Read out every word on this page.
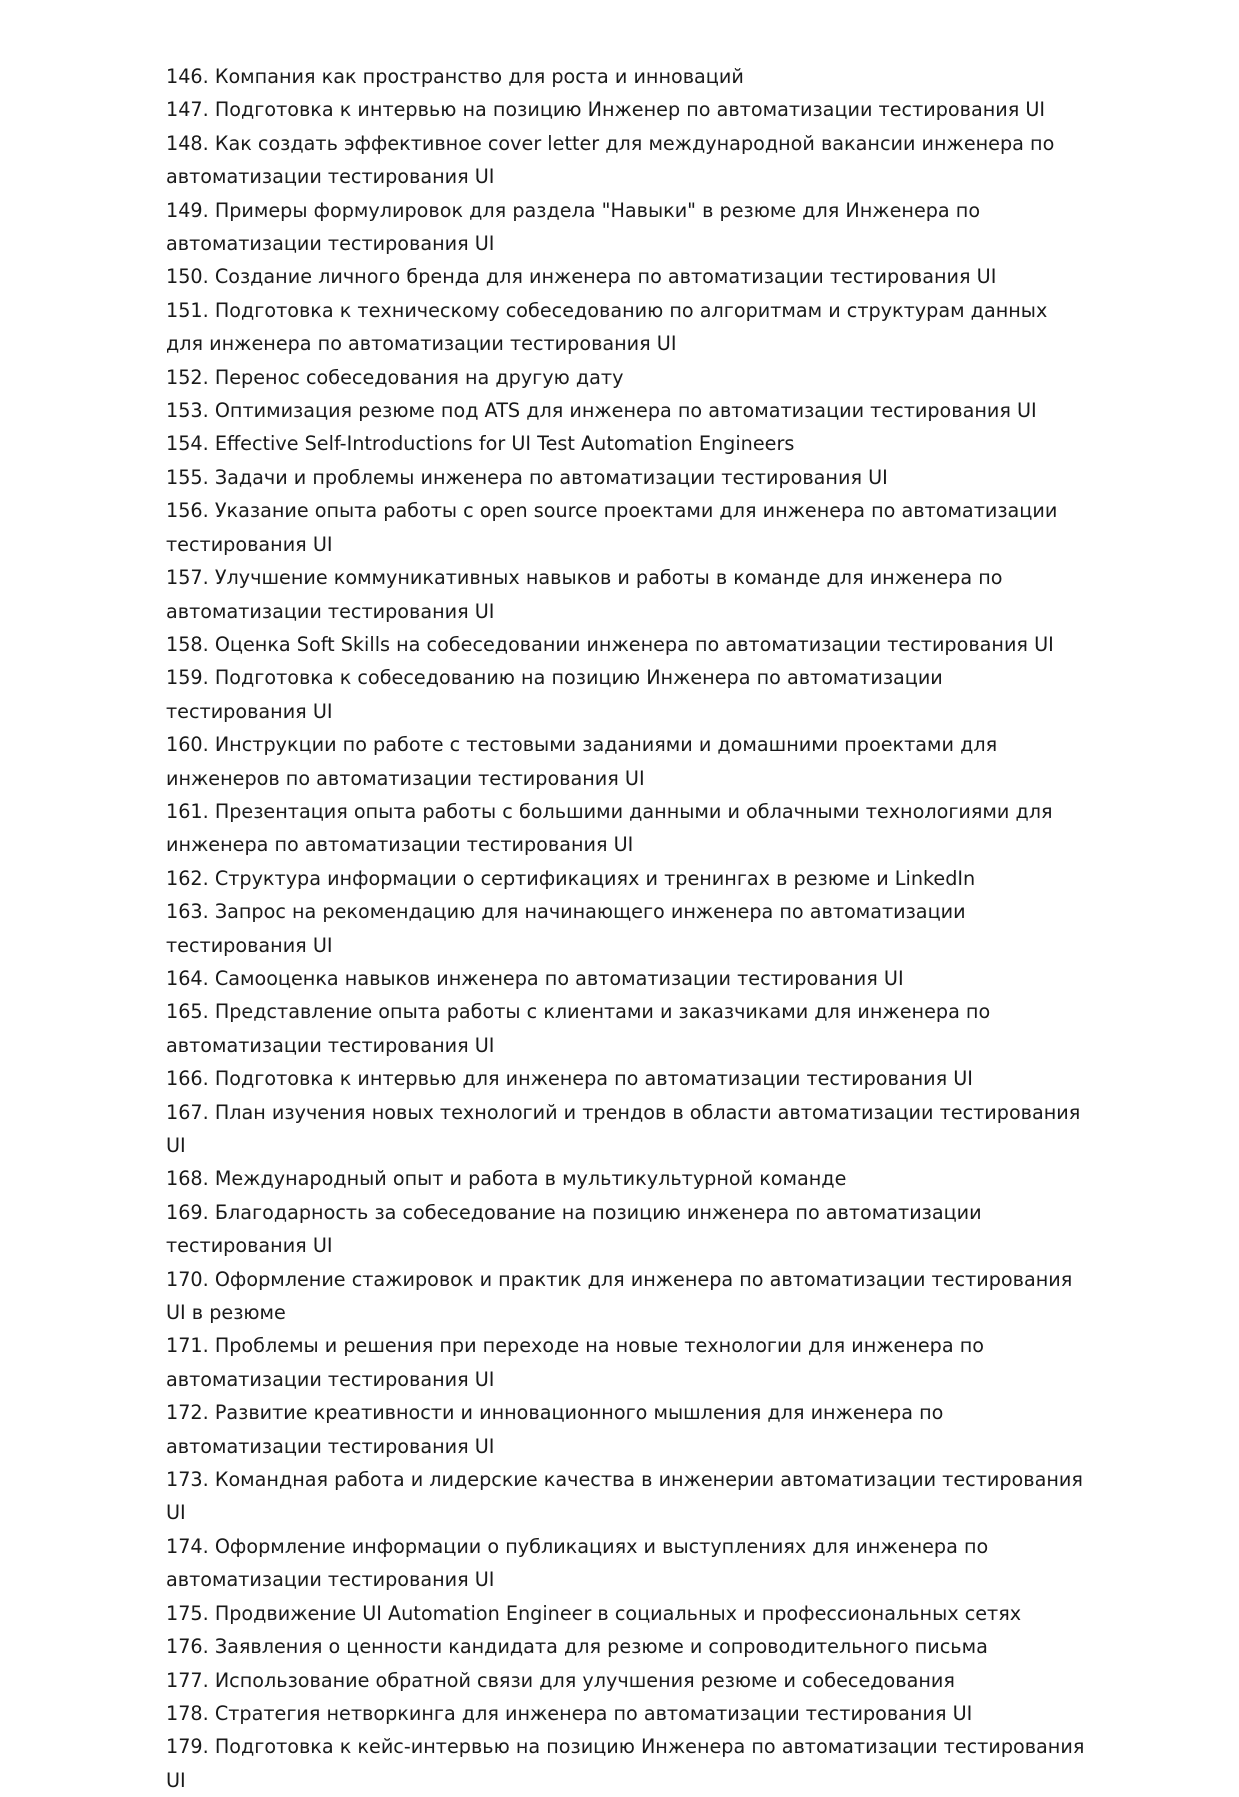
146. Компания как пространство для роста и инноваций
147. Подготовка к интервью на позицию Инженер по автоматизации тестирования UI
148. Как создать эффективное cover letter для международной вакансии инженера по автоматизации тестирования UI
149. Примеры формулировок для раздела "Навыки" в резюме для Инженера по автоматизации тестирования UI
150. Создание личного бренда для инженера по автоматизации тестирования UI
151. Подготовка к техническому собеседованию по алгоритмам и структурам данных для инженера по автоматизации тестирования UI
152. Перенос собеседования на другую дату
153. Оптимизация резюме под ATS для инженера по автоматизации тестирования UI
154. Effective Self-Introductions for UI Test Automation Engineers
155. Задачи и проблемы инженера по автоматизации тестирования UI
156. Указание опыта работы с open source проектами для инженера по автоматизации тестирования UI
157. Улучшение коммуникативных навыков и работы в команде для инженера по автоматизации тестирования UI
158. Оценка Soft Skills на собеседовании инженера по автоматизации тестирования UI
159. Подготовка к собеседованию на позицию Инженера по автоматизации тестирования UI
160. Инструкции по работе с тестовыми заданиями и домашними проектами для инженеров по автоматизации тестирования UI
161. Презентация опыта работы с большими данными и облачными технологиями для инженера по автоматизации тестирования UI
162. Структура информации о сертификациях и тренингах в резюме и LinkedIn
163. Запрос на рекомендацию для начинающего инженера по автоматизации тестирования UI
164. Самооценка навыков инженера по автоматизации тестирования UI
165. Представление опыта работы с клиентами и заказчиками для инженера по автоматизации тестирования UI
166. Подготовка к интервью для инженера по автоматизации тестирования UI
167. План изучения новых технологий и трендов в области автоматизации тестирования UI
168. Международный опыт и работа в мультикультурной команде
169. Благодарность за собеседование на позицию инженера по автоматизации тестирования UI
170. Оформление стажировок и практик для инженера по автоматизации тестирования UI в резюме
171. Проблемы и решения при переходе на новые технологии для инженера по автоматизации тестирования UI
172. Развитие креативности и инновационного мышления для инженера по автоматизации тестирования UI
173. Командная работа и лидерские качества в инженерии автоматизации тестирования UI
174. Оформление информации о публикациях и выступлениях для инженера по автоматизации тестирования UI
175. Продвижение UI Automation Engineer в социальных и профессиональных сетях
176. Заявления о ценности кандидата для резюме и сопроводительного письма
177. Использование обратной связи для улучшения резюме и собеседования
178. Стратегия нетворкинга для инженера по автоматизации тестирования UI
179. Подготовка к кейс-интервью на позицию Инженера по автоматизации тестирования UI
